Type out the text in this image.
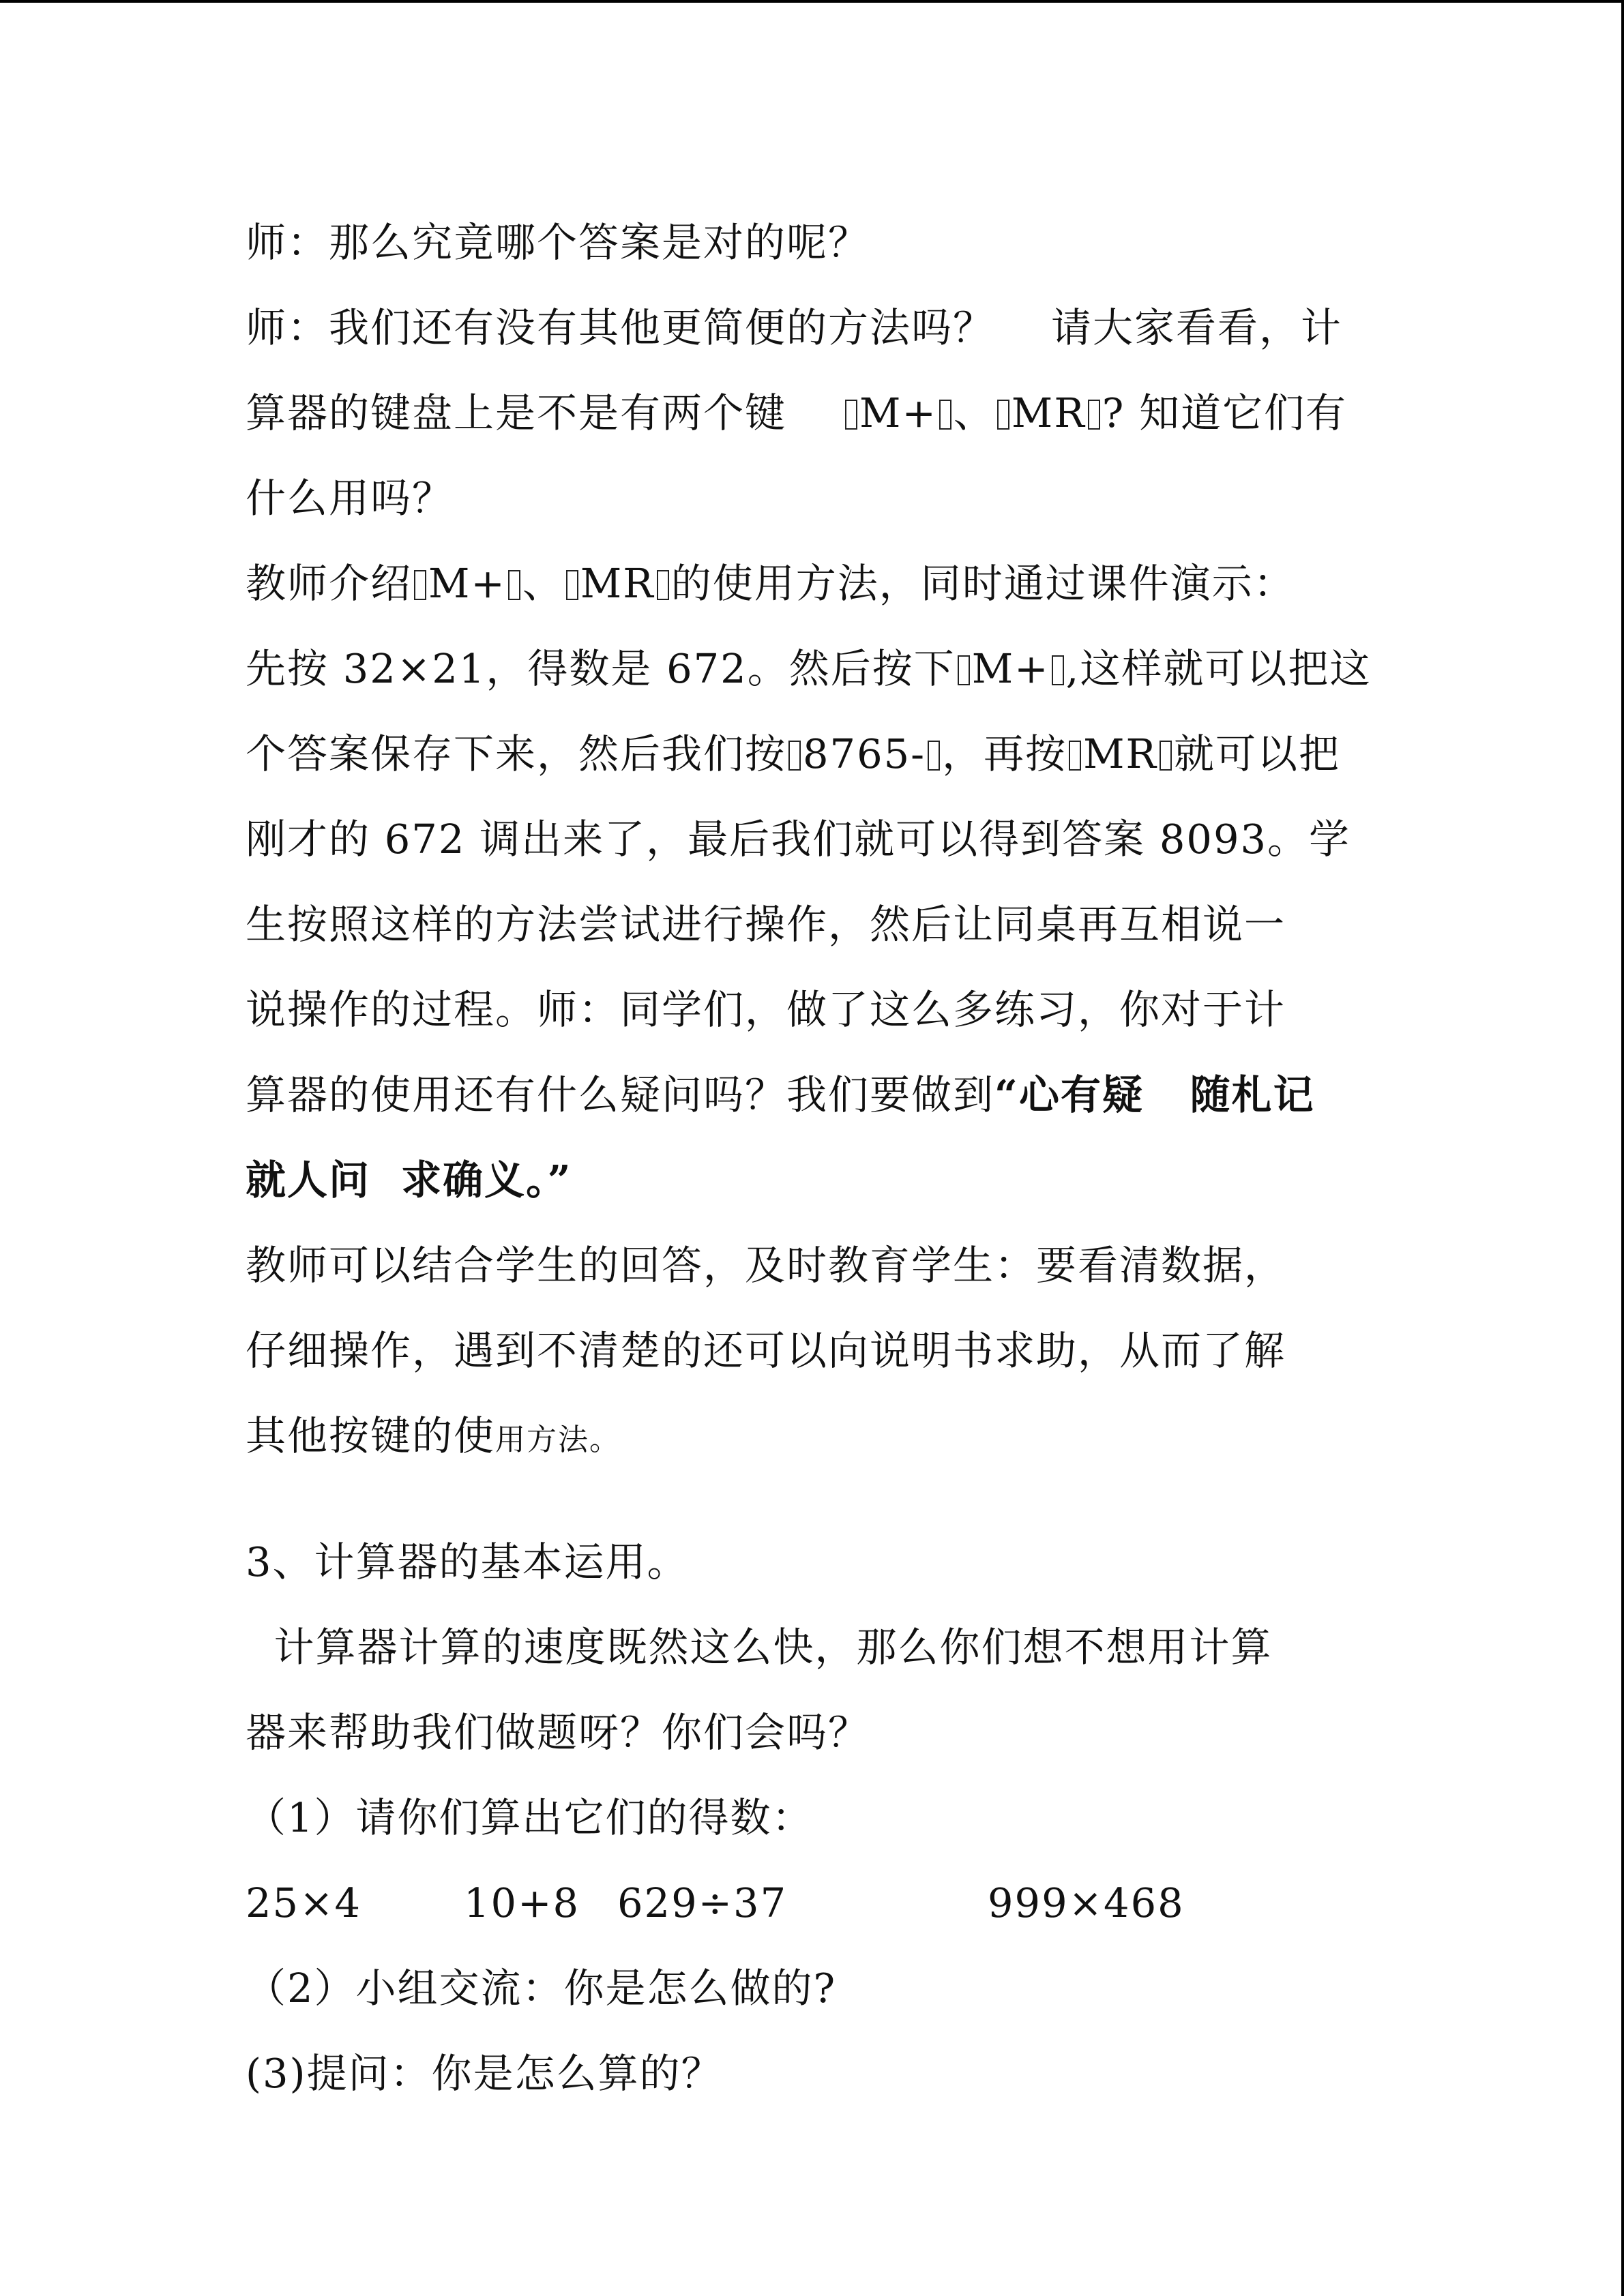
师：那么究竟哪个答案是对的呢？
师：我们还有没有其他更简便的方法吗？    请大家看看，计
算器的键盘上是不是有两个键    M+ 、 MR ? 知道它们有
什么用吗？
教师介绍 M+ 、 MR 的使用方法，同时通过课件演示：
先按 32×21，得数是 672。然后按下 M+ ,这样就可以把这
个答案保存下来，然后我们按 8765- ，再按 MR 就可以把
刚才的 672 调出来了，最后我们就可以得到答案 8093。学
生按照这样的方法尝试进行操作，然后让同桌再互相说一
说操作的过程。师：同学们，做了这么多练习，你对于计
算器的使用还有什么疑问吗？我们要做到“心有疑   随札记
就人问  求确义。”
教师可以结合学生的回答，及时教育学生：要看清数据，
仔细操作，遇到不清楚的还可以向说明书求助，从而了解
其他按键的使用方法。
3、计算器的基本运用。
计算器计算的速度既然这么快，那么你们想不想用计算
器来帮助我们做题呀？你们会吗？
（1）请你们算出它们的得数：
25×4	10+8 629÷37	999×468
（2）小组交流：你是怎么做的?
(3)提问：你是怎么算的？
